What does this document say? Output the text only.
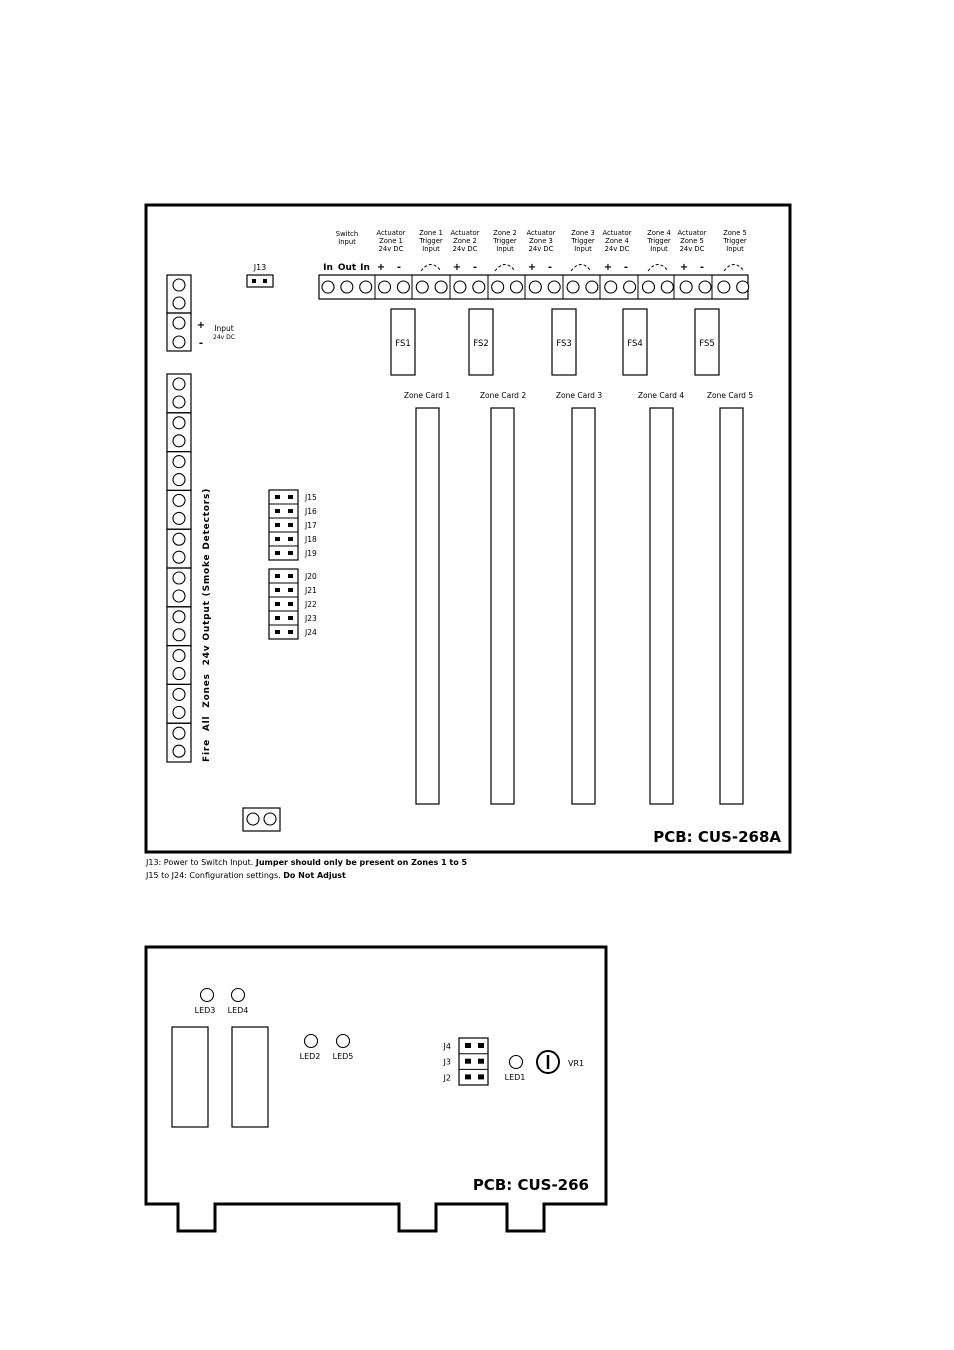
J13
+
-
Input
24v DC
Fire  All  Zones  24v Output (Smoke Detectors)
Switch
Input
Actuator
Zone 1
24v DC
Zone 1
Trigger
Input
Actuator
Zone 2
24v DC
Zone 2
Trigger
Input
Actuator
Zone 3
24v DC
Zone 3
Trigger
Input
Actuator
Zone 4
24v DC
Zone 4
Trigger
Input
Actuator
Zone 5
24v DC
Zone 5
Trigger
Input
In Out In + -	+ -	+ -	+ -	+ -
FS1	FS2	FS3	FS4	FS5
Zone Card 1	Zone Card 2	Zone Card 3	Zone Card 4	Zone Card 5
J15
J16
J17
J18
J19
J20
J21
J22
J23
J24
PCB: CUS-268A
LED3 LED4
LED2 LED5
LED1
J4
J3
J2
VR1
PCB: CUS-266
J13: Power to Switch Input. Jumper should only be present on Zones 1 to 5
J15 to J24: Configuration settings. Do Not Adjust
